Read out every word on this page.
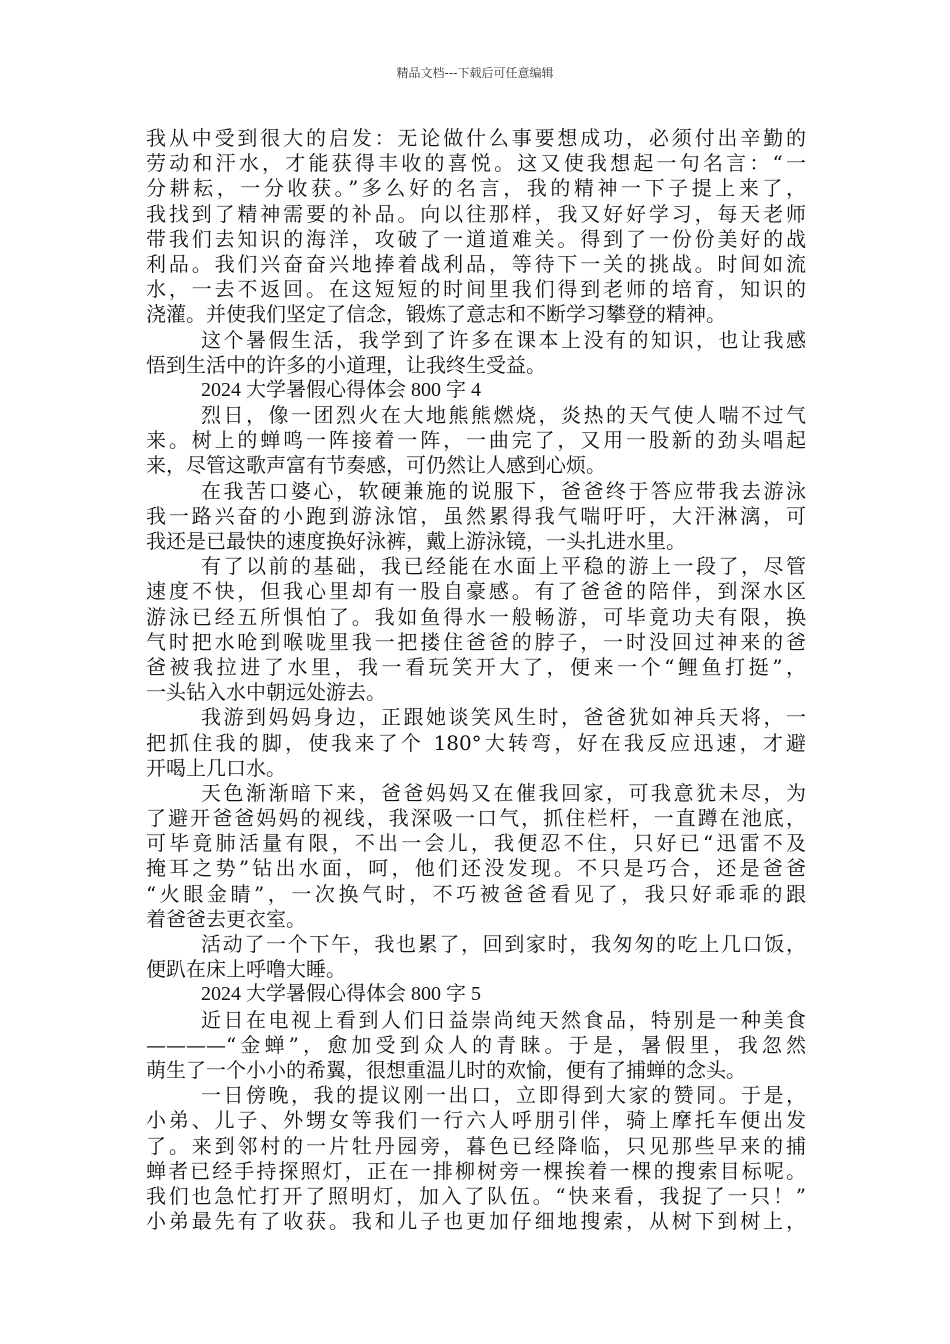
精品文档---下载后可任意编辑
我从中受到很大的启发：无论做什么事要想成功，必须付出辛勤的
劳动和汗水，才能获得丰收的喜悦。这又使我想起一句名言：“一
分耕耘，一分收获。”多么好的名言，我的精神一下子提上来了，
我找到了精神需要的补品。向以往那样，我又好好学习，每天老师
带我们去知识的海洋，攻破了一道道难关。得到了一份份美好的战
利品。我们兴奋奋兴地捧着战利品，等待下一关的挑战。时间如流
水，一去不返回。在这短短的时间里我们得到老师的培育，知识的
浇灌。并使我们坚定了信念，锻炼了意志和不断学习攀登的精神。
这个暑假生活，我学到了许多在课本上没有的知识，也让我感
悟到生活中的许多的小道理，让我终生受益。
2024 大学暑假心得体会 800 字 4
烈日，像一团烈火在大地熊熊燃烧，炎热的天气使人喘不过气
来。树上的蝉鸣一阵接着一阵，一曲完了，又用一股新的劲头唱起
来，尽管这歌声富有节奏感，可仍然让人感到心烦。
在我苦口婆心，软硬兼施的说服下，爸爸终于答应带我去游泳
我一路兴奋的小跑到游泳馆，虽然累得我气喘吁吁，大汗淋漓，可
我还是已最快的速度换好泳裤，戴上游泳镜，一头扎进水里。
有了以前的基础，我已经能在水面上平稳的游上一段了，尽管
速度不快，但我心里却有一股自豪感。有了爸爸的陪伴，到深水区
游泳已经五所惧怕了。我如鱼得水一般畅游，可毕竟功夫有限，换
气时把水呛到喉咙里我一把搂住爸爸的脖子，一时没回过神来的爸
爸被我拉进了水里，我一看玩笑开大了，便来一个“鲤鱼打挺”，
一头钻入水中朝远处游去。
我游到妈妈身边，正跟她谈笑风生时，爸爸犹如神兵天将，一
把抓住我的脚，使我来了个 180°大转弯，好在我反应迅速，才避
开喝上几口水。
天色渐渐暗下来，爸爸妈妈又在催我回家，可我意犹未尽，为
了避开爸爸妈妈的视线，我深吸一口气，抓住栏杆，一直蹲在池底，
可毕竟肺活量有限，不出一会儿，我便忍不住，只好已“迅雷不及
掩耳之势”钻出水面，呵，他们还没发现。不只是巧合，还是爸爸
“火眼金睛”，一次换气时，不巧被爸爸看见了，我只好乖乖的跟
着爸爸去更衣室。
活动了一个下午，我也累了，回到家时，我匆匆的吃上几口饭，
便趴在床上呼噜大睡。
2024 大学暑假心得体会 800 字 5
近日在电视上看到人们日益崇尚纯天然食品，特别是一种美食
————“金蝉”，愈加受到众人的青睐。于是，暑假里，我忽然
萌生了一个小小的希翼，很想重温儿时的欢愉，便有了捕蝉的念头。
一日傍晚，我的提议刚一出口，立即得到大家的赞同。于是，
小弟、儿子、外甥女等我们一行六人呼朋引伴，骑上摩托车便出发
了。来到邻村的一片牡丹园旁，暮色已经降临，只见那些早来的捕
蝉者已经手持探照灯，正在一排柳树旁一棵挨着一棵的搜索目标呢。
我们也急忙打开了照明灯，加入了队伍。“快来看，我捉了一只！”
小弟最先有了收获。我和儿子也更加仔细地搜索，从树下到树上，
